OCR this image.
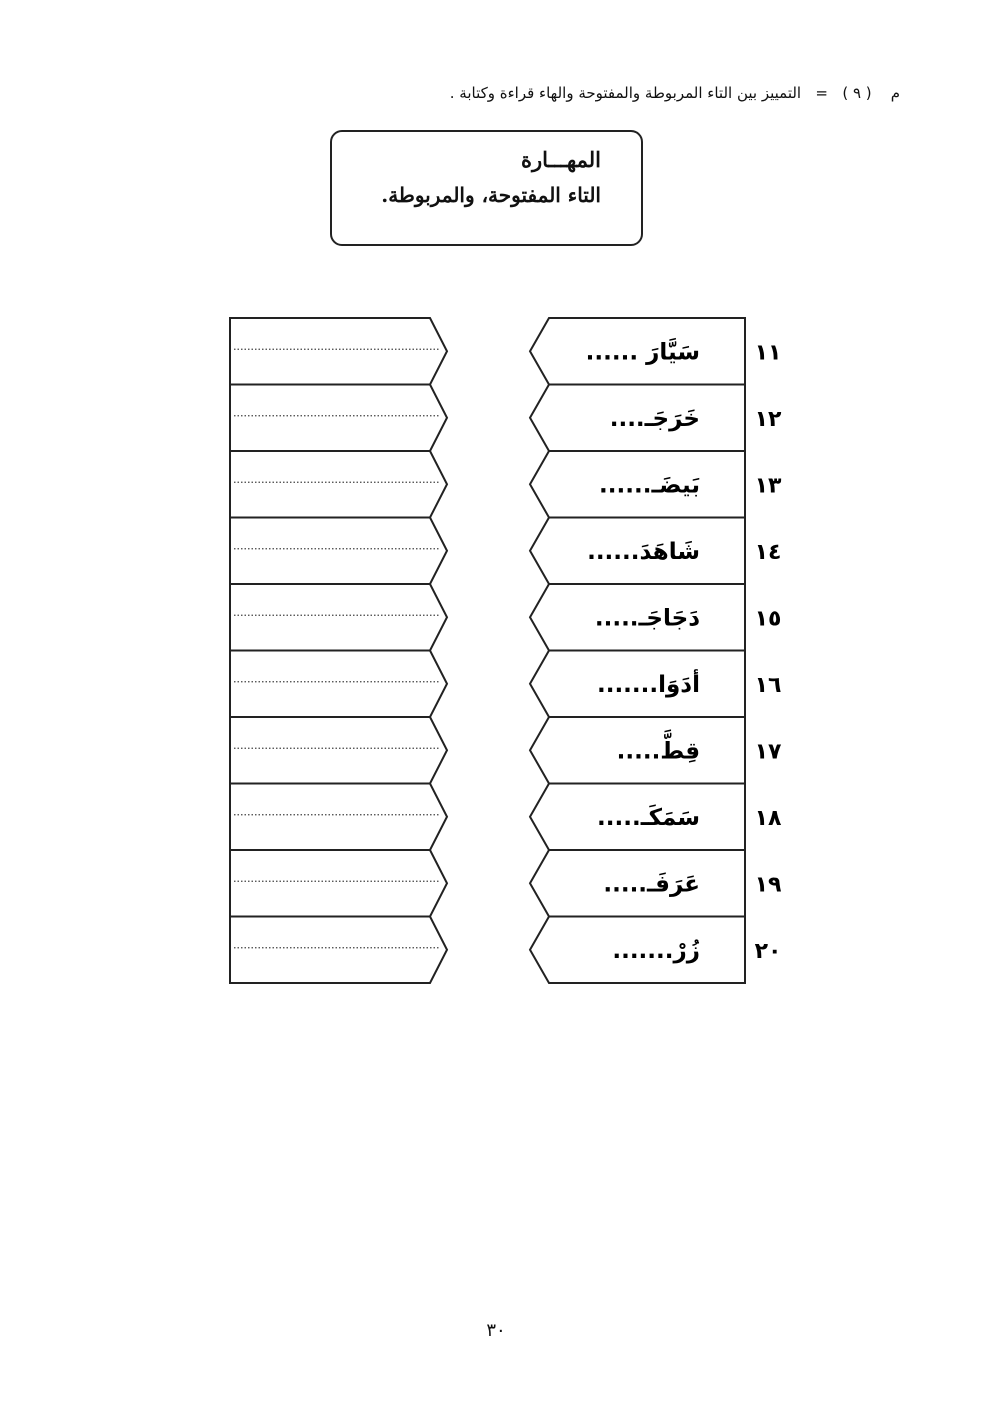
م    ( ٩ )   =   التمييز بين التاء المربوطة والمفتوحة والهاء قراءة وكتابة .
المهـــارة
التاء المفتوحة، والمربوطة.
سَيَّارَ ...... ١١
خَرَجَـ.... ١٢
بَيضَـ...... ١٣
شَاهَدَ...... ١٤
دَجَاجَـ..... ١٥
أدَوَا....... ١٦
قِطَّ..... ١٧
سَمَكَـ..... ١٨
عَرَفَـ..... ١٩
زُرْ....... ٢٠
٣٠
